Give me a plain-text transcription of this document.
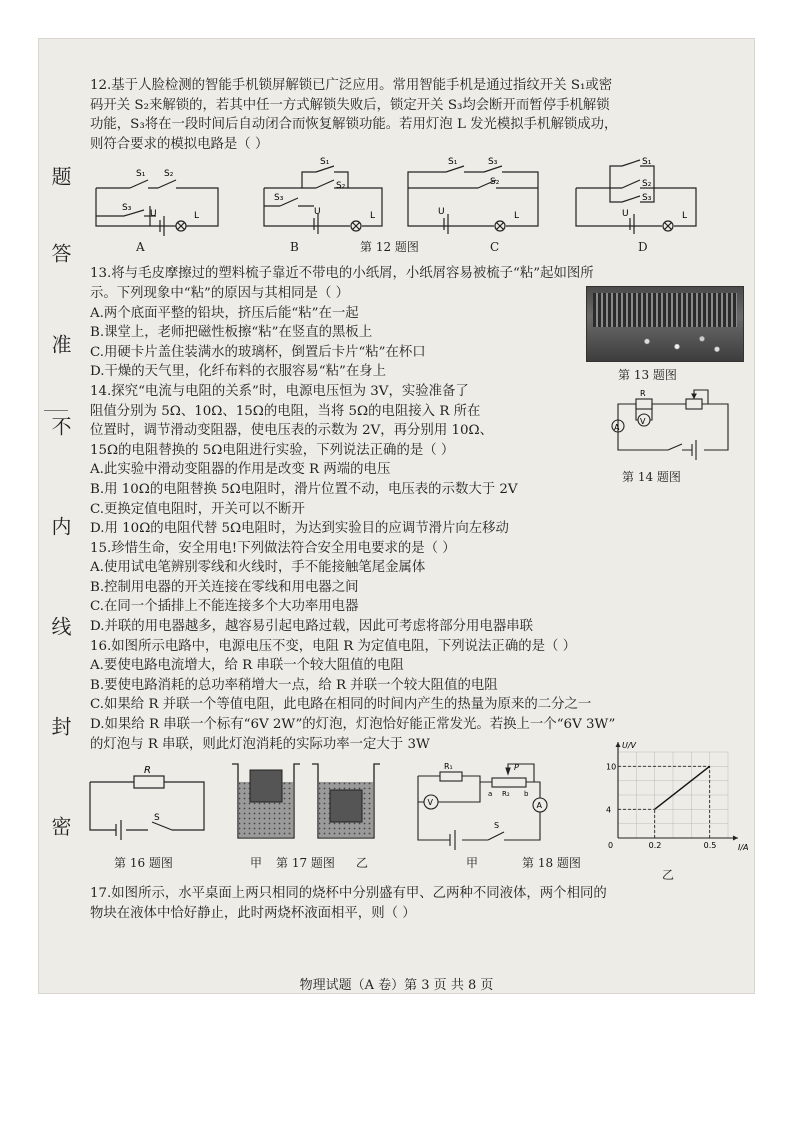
题
答
准
不
内
线
封
密
12.基于人脸检测的智能手机锁屏解锁已广泛应用。常用智能手机是通过指纹开关 S₁或密
码开关 S₂来解锁的，若其中任一方式解锁失败后，锁定开关 S₃均会断开而暂停手机解锁
功能，S₃将在一段时间后自动闭合而恢复解锁功能。若用灯泡 L 发光模拟手机解锁成功，
则符合要求的模拟电路是（ ）
S₁ S₂
S₃
U	L
S₁
S₂
S₃
U	L
S₁	S₃
S₂
U	L
S₁
S₂
S₃
U	L
A	B	第 12 题图	C	D
13.将与毛皮摩擦过的塑料梳子靠近不带电的小纸屑，小纸屑容易被梳子“粘”起如图所
示。下列现象中“粘”的原因与其相同是（ ）
第 13 题图
A.两个底面平整的铅块，挤压后能“粘”在一起
B.课堂上，老师把磁性板擦“粘”在竖直的黑板上
C.用硬卡片盖住装满水的玻璃杯，倒置后卡片“粘”在杯口
D.干燥的天气里，化纤布料的衣服容易“粘”在身上
R
A
V
第 14 题图
14.探究“电流与电阻的关系”时，电源电压恒为 3V，实验准备了
阻值分别为 5Ω、10Ω、15Ω的电阻，当将 5Ω的电阻接入 R 所在
位置时，调节滑动变阻器，使电压表的示数为 2V，再分别用 10Ω、
15Ω的电阻替换的 5Ω电阻进行实验，下列说法正确的是（ ）
A.此实验中滑动变阻器的作用是改变 R 两端的电压
B.用 10Ω的电阻替换 5Ω电阻时，滑片位置不动，电压表的示数大于 2V
C.更换定值电阻时，开关可以不断开
D.用 10Ω的电阻代替 5Ω电阻时，为达到实验目的应调节滑片向左移动
15.珍惜生命，安全用电!下列做法符合安全用电要求的是（ ）
A.使用试电笔辨别零线和火线时，手不能接触笔尾金属体
B.控制用电器的开关连接在零线和用电器之间
C.在同一个插排上不能连接多个大功率用电器
D.并联的用电器越多，越容易引起电路过载，因此可考虑将部分用电器串联
16.如图所示电路中，电源电压不变，电阻 R 为定值电阻，下列说法正确的是（ ）
A.要使电路电流增大，给 R 串联一个较大阻值的电阻
B.要使电路消耗的总功率稍增大一点，给 R 并联一个较大阻值的电阻
C.如果给 R 并联一个等值电阻，此电路在相同的时间内产生的热量为原来的二分之一
D.如果给 R 串联一个标有“6V 2W”的灯泡，灯泡恰好能正常发光。若换上一个“6V 3W”
的灯泡与 R 串联，则此灯泡消耗的实际功率一定大于 3W
R
S
第 16 题图	甲 第 17 题图 乙
R₁	P
a R₂ b
V	A
S
甲	第 18 题图
0	0.2	0.5
4
10
I/A
U/V
乙
17.如图所示，水平桌面上两只相同的烧杯中分别盛有甲、乙两种不同液体，两个相同的
物块在液体中恰好静止，此时两烧杯液面相平，则（ ）
物理试题（A 卷）第 3 页 共 8 页
